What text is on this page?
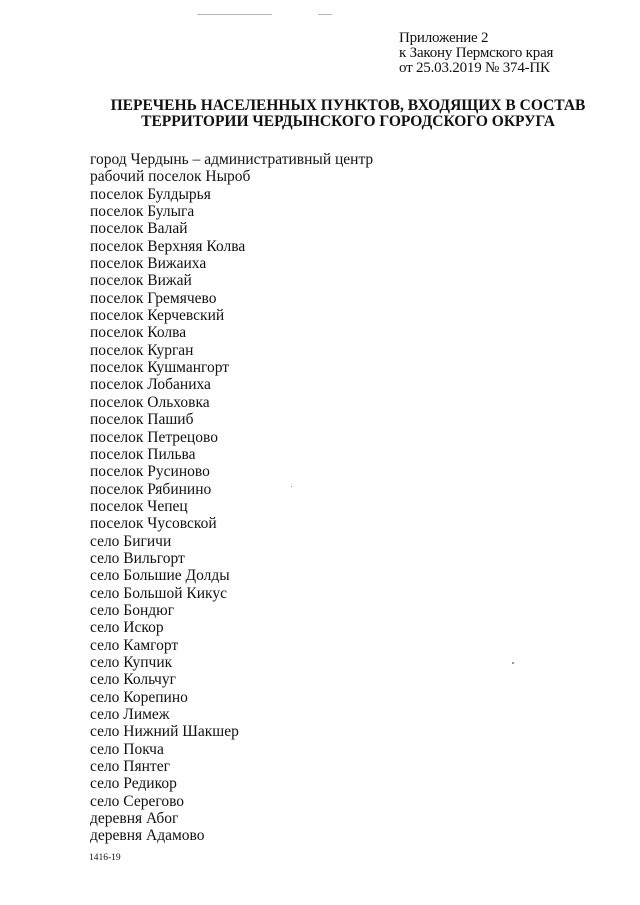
Приложение 2
к Закону Пермского края
от 25.03.2019 № 374-ПК
ПЕРЕЧЕНЬ НАСЕЛЕННЫХ ПУНКТОВ, ВХОДЯЩИХ В СОСТАВ
ТЕРРИТОРИИ ЧЕРДЫНСКОГО ГОРОДСКОГО ОКРУГА
город Чердынь – административный центр
рабочий поселок Ныроб
поселок Булдырья
поселок Булыга
поселок Валай
поселок Верхняя Колва
поселок Вижаиха
поселок Вижай
поселок Гремячево
поселок Керчевский
поселок Колва
поселок Курган
поселок Кушмангорт
поселок Лобаниха
поселок Ольховка
поселок Пашиб
поселок Петрецово
поселок Пильва
поселок Русиново
поселок Рябинино
поселок Чепец
поселок Чусовской
село Бигичи
село Вильгорт
село Большие Долды
село Большой Кикус
село Бондюг
село Искор
село Камгорт
село Купчик
село Кольчуг
село Корепино
село Лимеж
село Нижний Шакшер
село Покча
село Пянтег
село Редикор
село Серегово
деревня Абог
деревня Адамово
1416-19
